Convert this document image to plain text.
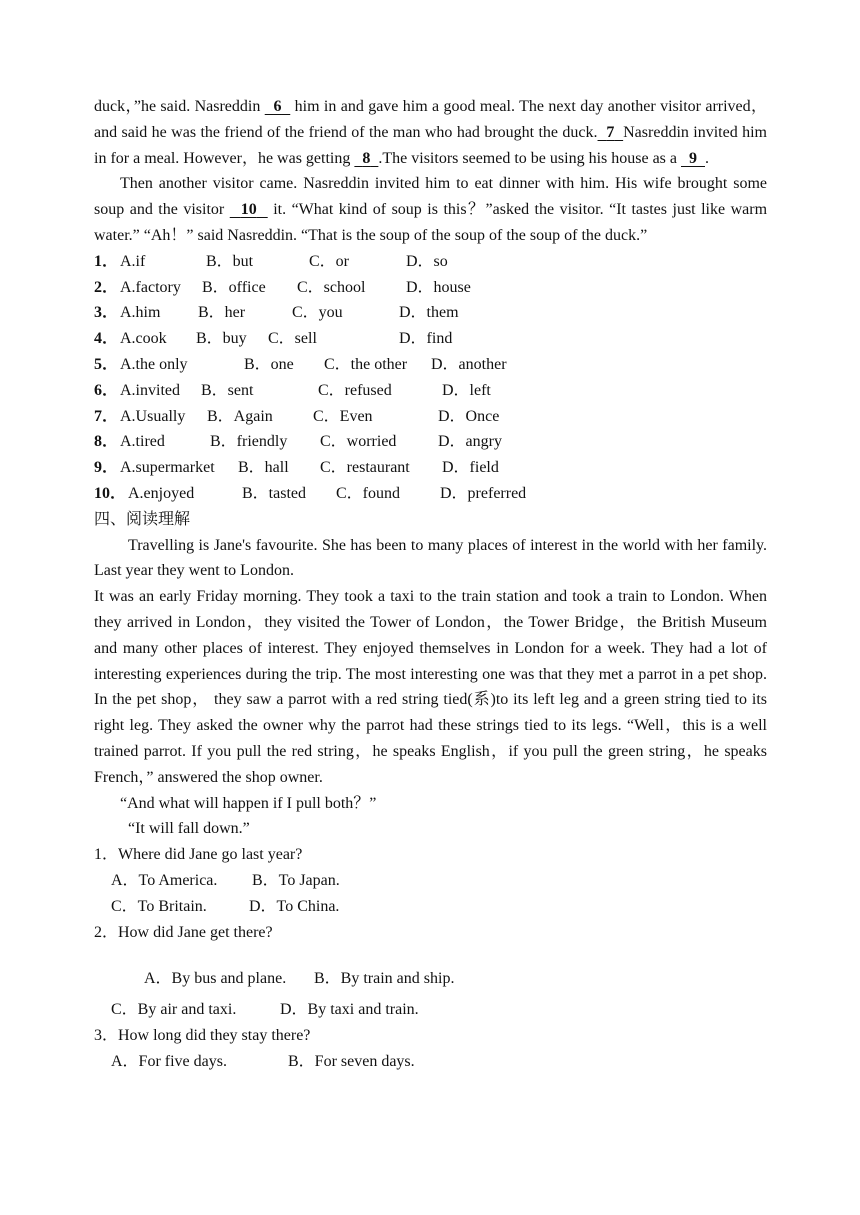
duck，”he said. Nasreddin   6   him in and gave him a good meal. The next day another visitor arrived， and said he was the friend of the friend of the man who had brought the duck. 7 Nasreddin invited him in for a meal. However，he was getting   8 .The visitors seemed to be using his house as a   9 .

Then another visitor came. Nasreddin invited him to eat dinner with him. His wife brought some soup and the visitor   10   it. “What kind of soup is this？”asked the visitor. “It tastes just like warm water.” “Ah！” said Nasreddin. “That is the soup of the soup of the soup of the duck.”

1． A.if	B．but	C．or	D．so
2． A.factory B．office C．school	D．house
3． A.him B．her	C．you	D．them
4． A.cook B．buy C．sell	D．find
5． A.the only	B．one C．the other D．another
6． A.invited B．sent	C．refused	D．left
7． A.Usually B．Again	C．Even	D．Once
8． A.tired	B．friendly C．worried	D．angry
9． A.supermarket B．hall C．restaurant D．field
10． A.enjoyed	B．tasted C．found D．preferred

四、阅读理解

Travelling is Jane's favourite. She has been to many places of interest in the world with her family. Last year they went to London.

It was an early Friday morning. They took a taxi to the train station and took a train to London. When they arrived in London，they visited the Tower of London，the Tower Bridge，the British Museum and many other places of interest. They enjoyed themselves in London for a week. They had a lot of interesting experiences during the trip. The most interesting one was that they met a parrot in a pet shop. In the pet shop， they saw a parrot with a red string tied(系)to its left leg and a green string tied to its right leg. They asked the owner why the parrot had these strings tied to its legs. “Well，this is a well trained parrot. If you pull the red string，he speaks English，if you pull the green string，he speaks French，” answered the shop owner.

“And what will happen if I pull both？”

“It will fall down.”

1．Where did Jane go last year?

A．To America. B．To Japan.
C．To Britain.	D．To China.

2．How did Jane get there?

A．By bus and plane. B．By train and ship.
C．By air and taxi.	D．By taxi and train.

3．How long did they stay there?

A．For five days.	B．For seven days.
